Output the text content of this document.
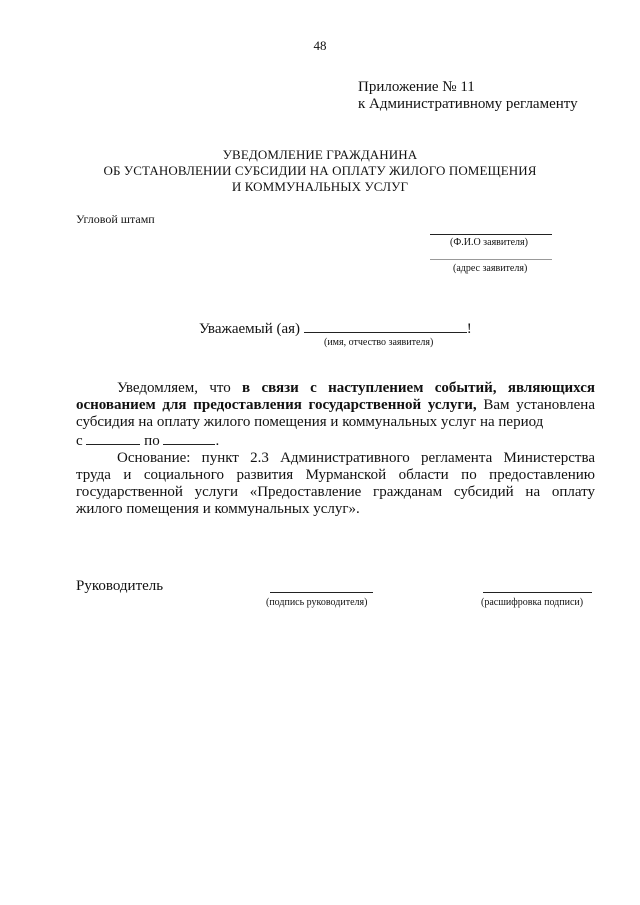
48
Приложение № 11
к Административному регламенту
УВЕДОМЛЕНИЕ ГРАЖДАНИНА
ОБ УСТАНОВЛЕНИИ СУБСИДИИ НА ОПЛАТУ ЖИЛОГО ПОМЕЩЕНИЯ
И КОММУНАЛЬНЫХ УСЛУГ
Угловой штамп
(Ф.И.О заявителя)
(адрес заявителя)
Уважаемый (ая)	!
(имя, отчество заявителя)

Уведомляем, что в связи с наступлением событий, являющихся основанием для предоставления государственной услуги, Вам установлена субсидия на оплату жилого помещения и коммунальных услуг на период

с	по	.

Основание: пункт 2.3 Административного регламента Министерства труда и социального развития Мурманской области по предоставлению государственной услуги «Предоставление гражданам субсидий на оплату жилого помещения и коммунальных услуг».

Руководитель
(подпись руководителя)	(расшифровка подписи)
